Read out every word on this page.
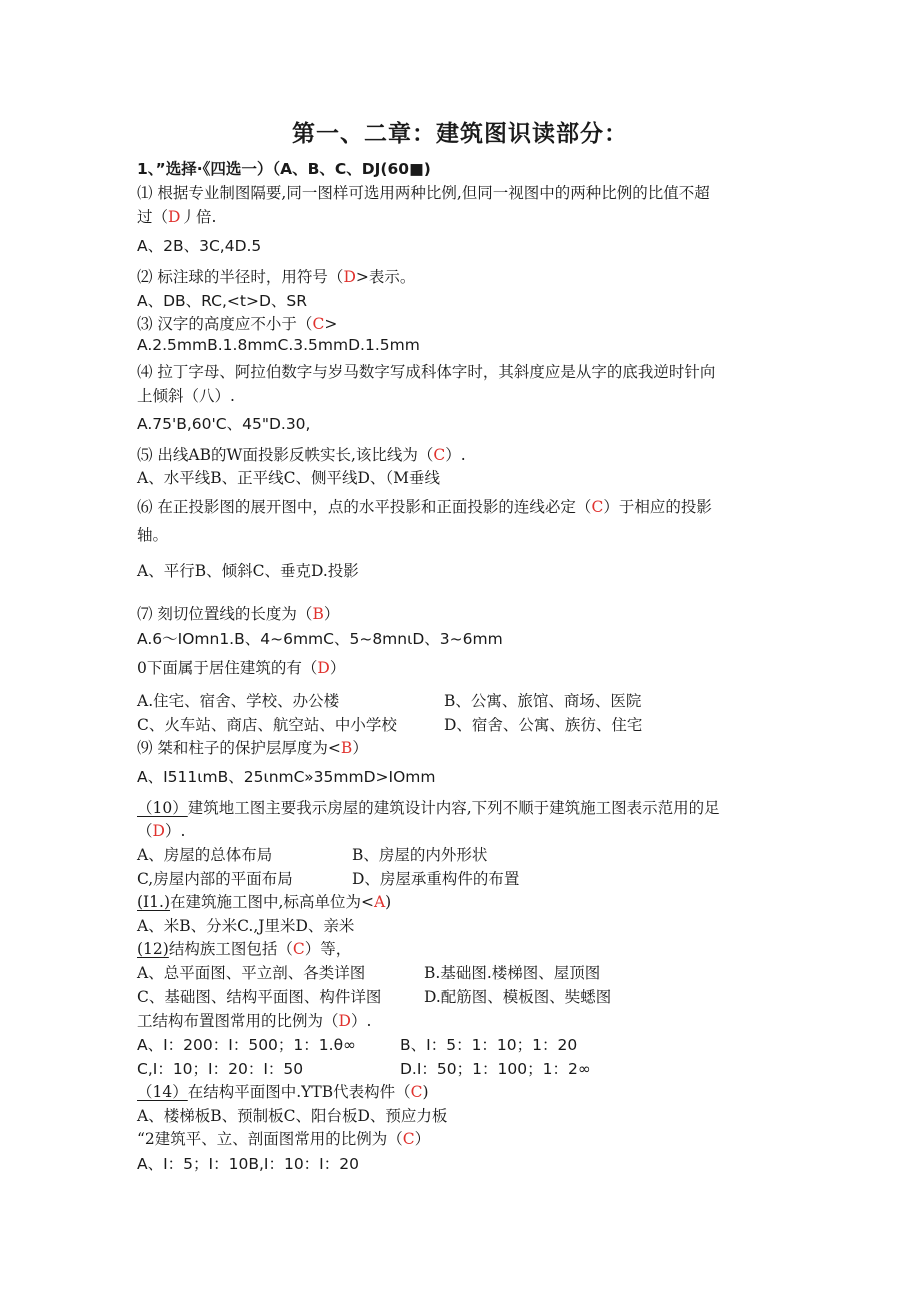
第一、二章：建筑图识读部分：
1、”选择·《四选一）（A、B、C、DJ(60■)
⑴ 根据专业制图隔要,同一图样可选用两种比例,但同一视图中的两种比例的比值不超
过（D丿倍.
A、2B、3C,4D.5
⑵ 标注球的半径时，用符号（D>表示。
A、DB、RC,<t>D、SR
⑶ 汉字的高度应不小于（C>
A.2.5mmB.1.8mmC.3.5mmD.1.5mm
⑷ 拉丁字母、阿拉伯数字与岁马数字写成科体字时，其斜度应是从字的底我逆时针向
上倾斜（八）.
A.75'B,60'C、45"D.30,
⑸ 出线AB的W面投影反帙实长,该比线为（C）.
A、水平线B、正平线C、侧平线D、（M垂线
⑹ 在正投影图的展开图中，点的水平投影和正面投影的连线必定（C）于相应的投影
轴。
A、平行B、倾斜C、垂克D.投影
⑺ 刻切位置线的长度为（B）
A.6〜IOmn1.B、4~6mmC、5~8mnιD、3~6mm
0下面属于居住建筑的有（D）
A.住宅、宿舍、学校、办公楼	B、公寓、旅馆、商场、医院
C、火车站、商店、航空站、中小学校	D、宿舍、公寓、族彷、住宅
⑼ 桀和柱子的保护层厚度为<B）
A、I511ιmB、25ιnmC»35mmD>IOmm
（10）建筑地工图主要我示房屋的建筑设计内容,下列不顺于建筑施工图表示范用的足
（D）.
A、房屋的总体布局	B、房屋的内外形状
C,房屋内部的平面布局	D、房屋承重构件的布置
(I1.)在建筑施工图中,标高单位为<A)
A、米B、分米C.,J里米D、亲米
(12)结构族工图包括（C）等，
A、总平面图、平立剖、各类详图	B.基础图.楼梯图、屋顶图
C、基础图、结构平面图、构件详图	D.配筋图、模板图、奘蟋图
工结构布置图常用的比例为（D）.
A、I：200：I：500；1：1.θ∞	B、I：5：1：10；1：20
C,I：10；I：20：I：50	D.I：50；1：100；1：2∞
（14）在结构平面图中.YTB代表构件（C)
A、楼梯板B、预制板C、阳台板D、预应力板
“2建筑平、立、剖面图常用的比例为（C）
A、I：5；I：10B,I：10：I：20
